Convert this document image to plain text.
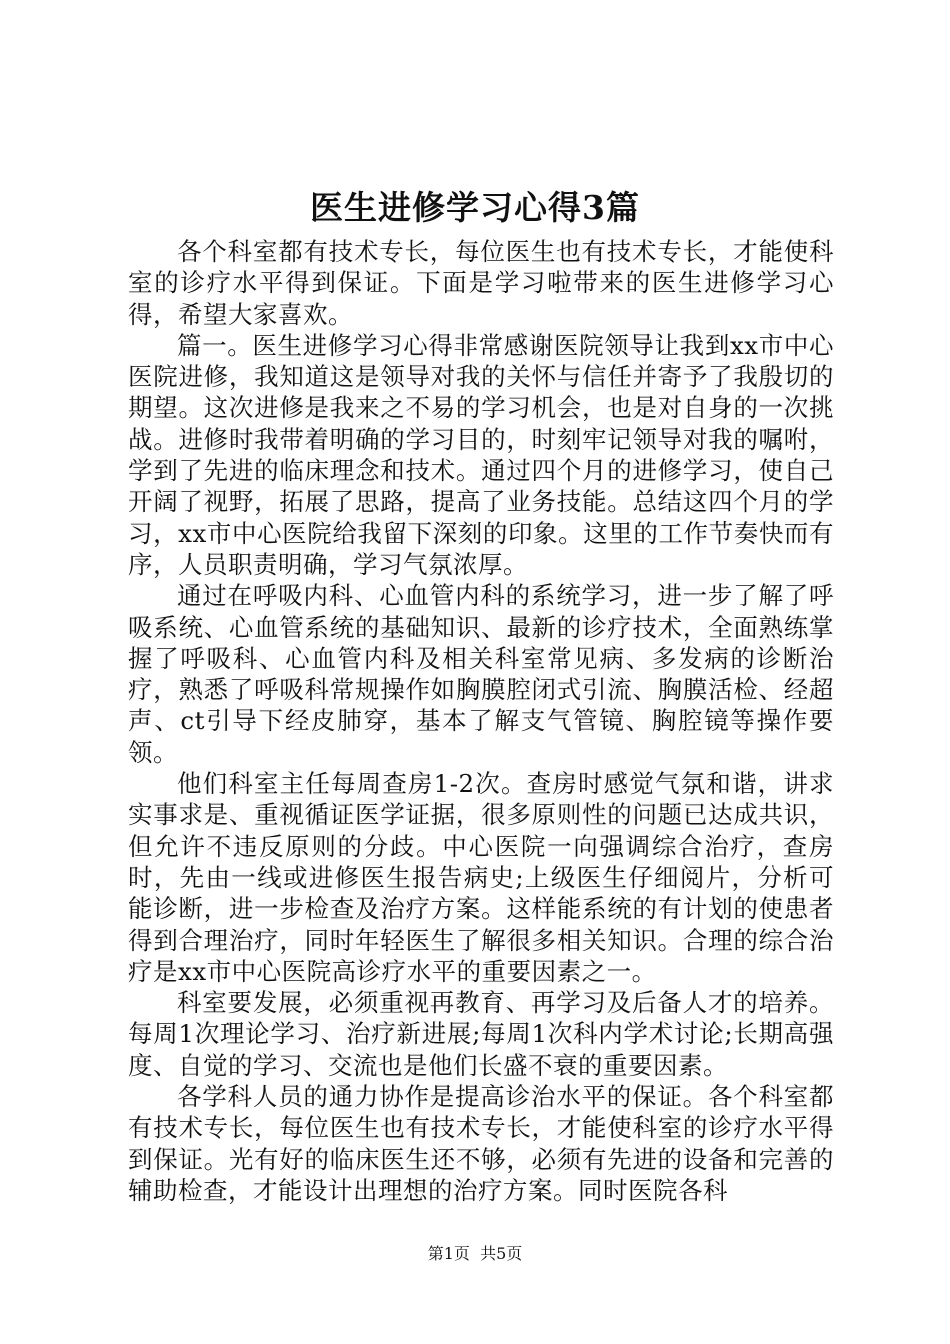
医生进修学习心得3篇

各个科室都有技术专长，每位医生也有技术专长，才能使科室的诊疗水平得到保证。下面是学习啦带来的医生进修学习心得，希望大家喜欢。

篇一。医生进修学习心得非常感谢医院领导让我到xx市中心医院进修，我知道这是领导对我的关怀与信任并寄予了我殷切的期望。这次进修是我来之不易的学习机会，也是对自身的一次挑战。进修时我带着明确的学习目的，时刻牢记领导对我的嘱咐，学到了先进的临床理念和技术。通过四个月的进修学习，使自己开阔了视野，拓展了思路，提高了业务技能。总结这四个月的学习，xx市中心医院给我留下深刻的印象。这里的工作节奏快而有序，人员职责明确，学习气氛浓厚。

通过在呼吸内科、心血管内科的系统学习，进一步了解了呼吸系统、心血管系统的基础知识、最新的诊疗技术，全面熟练掌握了呼吸科、心血管内科及相关科室常见病、多发病的诊断治疗，熟悉了呼吸科常规操作如胸膜腔闭式引流、胸膜活检、经超声、ct引导下经皮肺穿，基本了解支气管镜、胸腔镜等操作要领。

他们科室主任每周查房1-2次。查房时感觉气氛和谐，讲求实事求是、重视循证医学证据，很多原则性的问题已达成共识，但允许不违反原则的分歧。中心医院一向强调综合治疗，查房时，先由一线或进修医生报告病史;上级医生仔细阅片，分析可能诊断，进一步检查及治疗方案。这样能系统的有计划的使患者得到合理治疗，同时年轻医生了解很多相关知识。合理的综合治疗是xx市中心医院高诊疗水平的重要因素之一。

科室要发展，必须重视再教育、再学习及后备人才的培养。每周1次理论学习、治疗新进展;每周1次科内学术讨论;长期高强度、自觉的学习、交流也是他们长盛不衰的重要因素。

各学科人员的通力协作是提高诊治水平的保证。各个科室都有技术专长，每位医生也有技术专长，才能使科室的诊疗水平得到保证。光有好的临床医生还不够，必须有先进的设备和完善的辅助检查，才能设计出理想的治疗方案。同时医院各科

第1页 共5页
